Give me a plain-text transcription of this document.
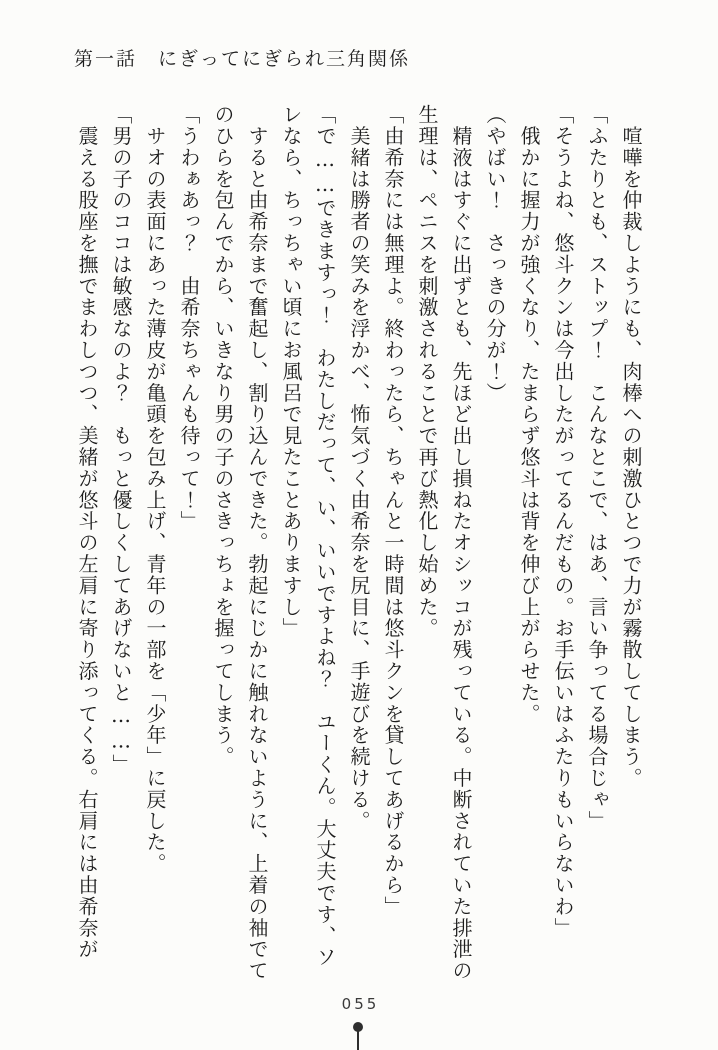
第一話　にぎってにぎられ三角関係

　喧嘩を仲裁しようにも、肉棒への刺激ひとつで力が霧散してしまう。

「ふたりとも、ストップ！　こんなとこで、はあ、言い争ってる場合じゃ」

「そうよね、悠斗クンは今出したがってるんだもの。お手伝いはふたりもいらないわ」

　俄かに握力が強くなり、たまらず悠斗は背を伸び上がらせた。

（やばい！　さっきの分が！）

　精液はすぐに出ずとも、先ほど出し損ねたオシッコが残っている。中断されていた排泄の生理は、ペニスを刺激されることで再び熱化し始めた。

「由希奈には無理よ。終わったら、ちゃんと一時間は悠斗クンを貸してあげるから」

　美緒は勝者の笑みを浮かべ、怖気づく由希奈を尻目に、手遊びを続ける。

「で……できますっ！　わたしだって、い、いいですよね？　ユーくん。大丈夫です、ソレなら、ちっちゃい頃にお風呂で見たことありますし」

　すると由希奈まで奮起し、割り込んできた。勃起にじかに触れないように、上着の袖でてのひらを包んでから、いきなり男の子のさきっちょを握ってしまう。

「うわぁあっ？　由希奈ちゃんも待って！」

　サオの表面にあった薄皮が亀頭を包み上げ、青年の一部を「少年」に戻した。

「男の子のココは敏感なのよ？　もっと優しくしてあげないと……」

　震える股座を撫でまわしつつ、美緒が悠斗の左肩に寄り添ってくる。右肩には由希奈が

055
